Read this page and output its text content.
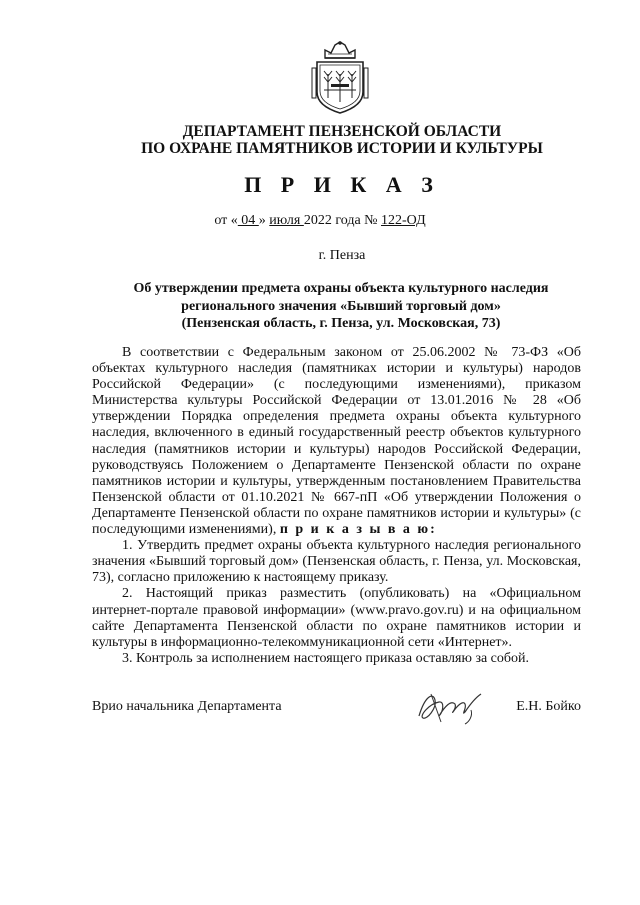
ДЕПАРТАМЕНТ ПЕНЗЕНСКОЙ ОБЛАСТИ
ПО ОХРАНЕ ПАМЯТНИКОВ ИСТОРИИ И КУЛЬТУРЫ
П Р И К А З
от « 04 » июля 2022 года № 122-ОД
г. Пенза
Об утверждении предмета охраны объекта культурного наследия
регионального значения «Бывший торговый дом»
(Пензенская область, г. Пенза, ул. Московская, 73)

В соответствии с Федеральным законом от 25.06.2002 № 73-ФЗ «Об объектах культурного наследия (памятниках истории и культуры) народов Российской Федерации» (с последующими изменениями), приказом Министерства культуры Российской Федерации от 13.01.2016 № 28 «Об утверждении Порядка определения предмета охраны объекта культурного наследия, включенного в единый государственный реестр объектов культурного наследия (памятников истории и культуры) народов Российской Федерации, руководствуясь Положением о Департаменте Пензенской области по охране памятников истории и культуры, утвержденным постановлением Правительства Пензенской области от 01.10.2021 № 667-пП «Об утверждении Положения о Департаменте Пензенской области по охране памятников истории и культуры» (с последующими изменениями), п р и к а з ы в а ю:

1. Утвердить предмет охраны объекта культурного наследия регионального значения «Бывший торговый дом» (Пензенская область, г. Пенза, ул. Московская, 73), согласно приложению к настоящему приказу.

2. Настоящий приказ разместить (опубликовать) на «Официальном интернет-портале правовой информации» (www.pravo.gov.ru) и на официальном сайте Департамента Пензенской области по охране памятников истории и культуры в информационно-телекоммуникационной сети «Интернет».

3. Контроль за исполнением настоящего приказа оставляю за собой.

Врио начальника Департамента	Е.Н. Бойко
